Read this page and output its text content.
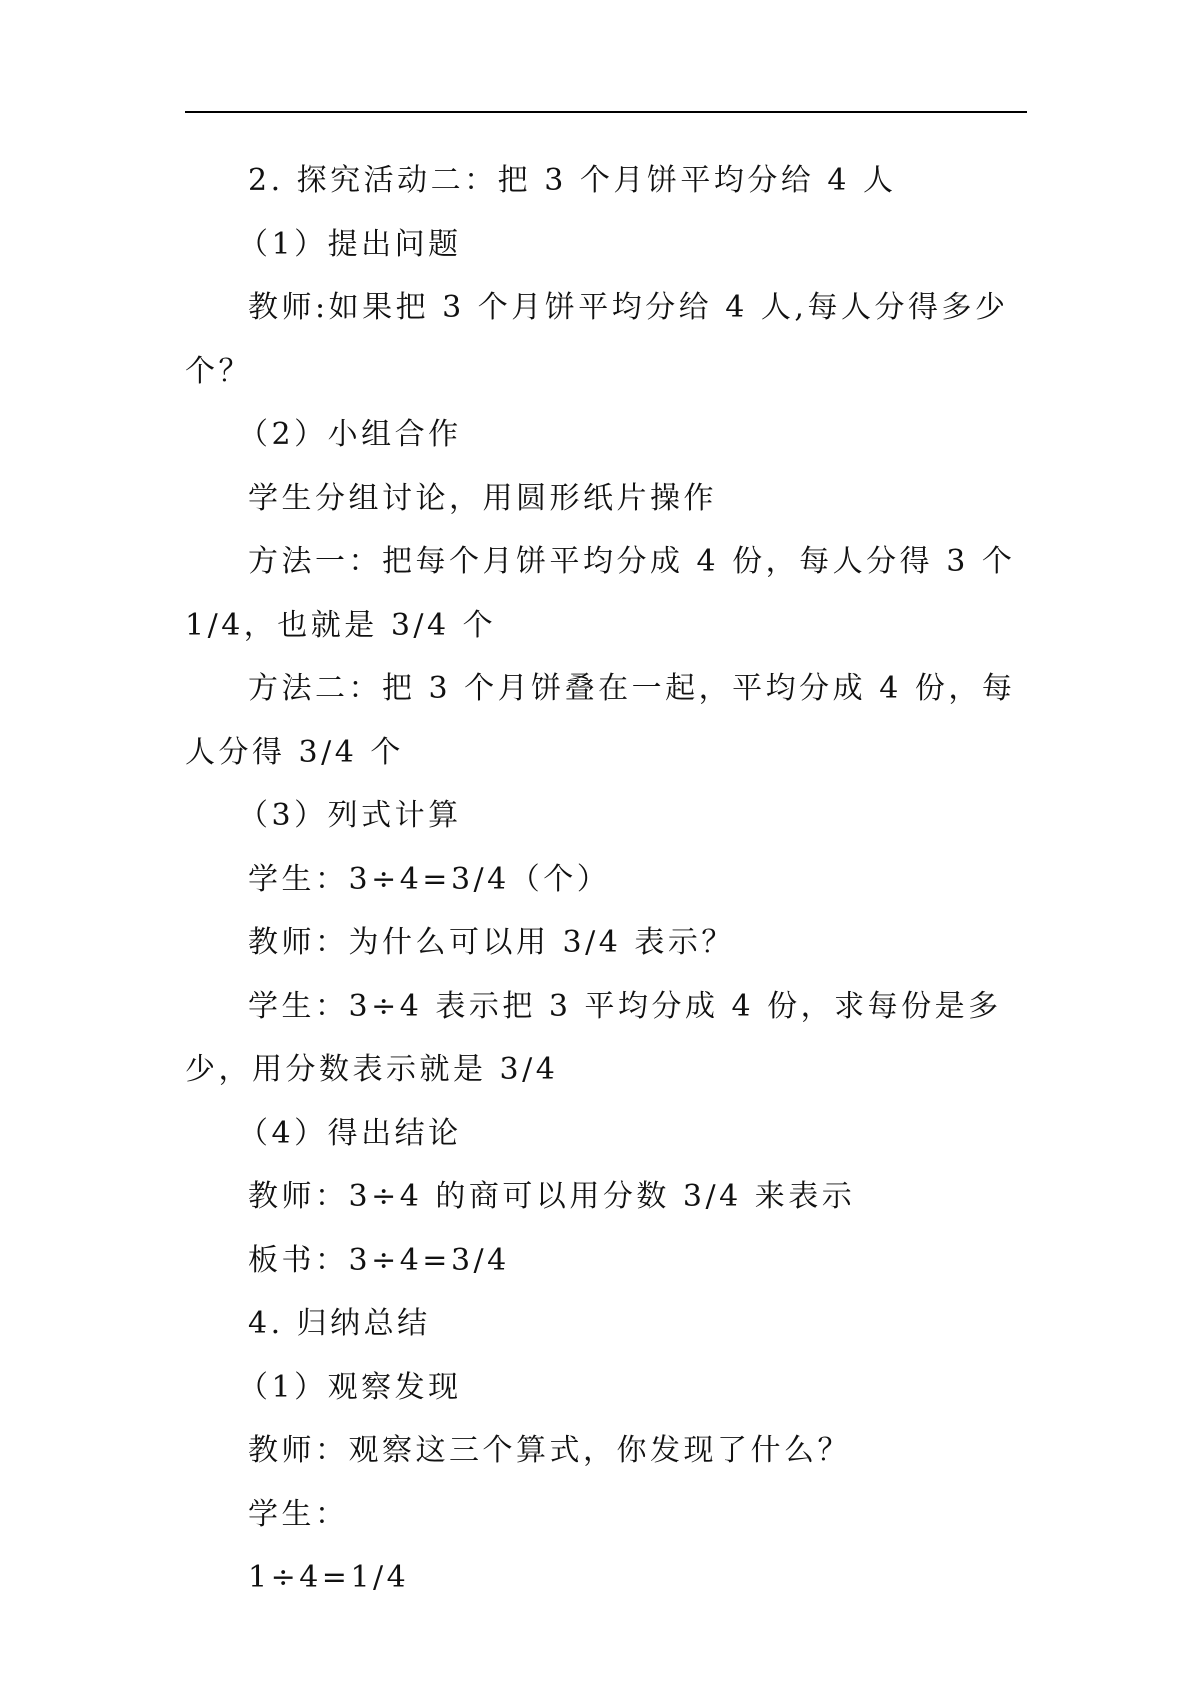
2. 探究活动二：把 3 个月饼平均分给 4 人

（1）提出问题

教师:如果把 3 个月饼平均分给 4 人,每人分得多少个？

（2）小组合作

学生分组讨论，用圆形纸片操作

方法一：把每个月饼平均分成 4 份，每人分得 3 个 1/4，也就是 3/4 个

方法二：把 3 个月饼叠在一起，平均分成 4 份，每人分得 3/4 个

（3）列式计算

学生：3÷4=3/4（个）

教师：为什么可以用 3/4 表示？

学生：3÷4 表示把 3 平均分成 4 份，求每份是多少，用分数表示就是 3/4

（4）得出结论

教师：3÷4 的商可以用分数 3/4 来表示

板书：3÷4=3/4

4. 归纳总结

（1）观察发现

教师：观察这三个算式，你发现了什么？

学生：

1÷4=1/4
